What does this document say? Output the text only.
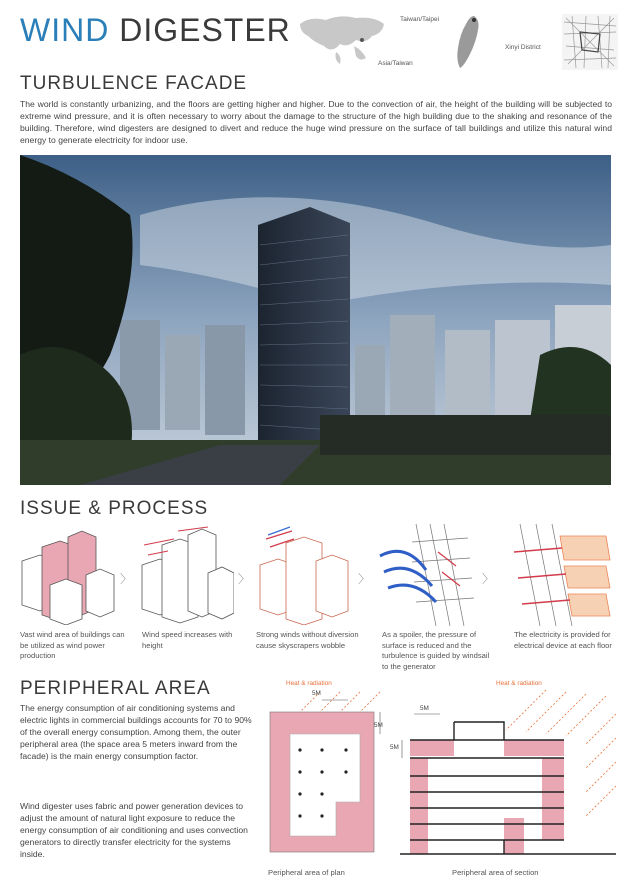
WIND DIGESTER
Asia/Taiwan
Taiwan/Taipei
Xinyi District
TURBULENCE FACADE
The world is constantly urbanizing, and the floors are getting higher and higher. Due to the convection of air, the height of the building will be subjected to extreme wind pressure, and it is often necessary to worry about the damage to the structure of the high building due to the shaking and resonance of the building. Therefore, wind digesters are designed to divert and reduce the huge wind pressure on the surface of tall buildings and utilize this natural wind energy to generate electricity for indoor use.
ISSUE & PROCESS
〉	〉	〉	〉
Vast wind area of buildings can be utilized as wind power production
Wind speed increases with height
Strong winds without diversion cause skyscrapers wobble
As a spoiler, the pressure of surface is reduced and the turbulence is guided by windsail to the generator
The electricity is provided for electrical device at each floor
PERIPHERAL AREA
The energy consumption of air conditioning systems and electric lights in commercial buildings accounts for 70 to 90% of the overall energy consumption. Among them, the outer peripheral area (the space area 5 meters inward from the facade) is the main energy consumption factor.
Wind digester uses fabric and power generation devices to adjust the amount of natural light exposure to reduce the energy consumption of air conditioning and uses convection generators to directly transfer electricity for the systems inside.
Heat & radiation
5M
5M
Peripheral area of plan
Heat & radiation
5M
5M
Peripheral area of section
